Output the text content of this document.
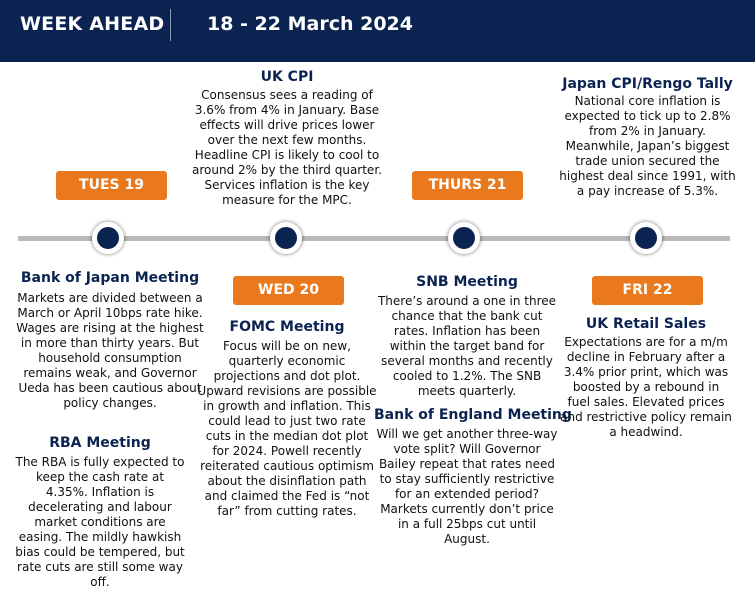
WEEK AHEAD 18 - 22 March 2024
TUES 19
WED 20
THURS 21
FRI 22
UK CPI
Consensus sees a reading of 3.6% from 4% in January. Base effects will drive prices lower over the next few months. Headline CPI is likely to cool to around 2% by the third quarter. Services inflation is the key measure for the MPC.
Japan CPI/Rengo Tally
National core inflation is expected to tick up to 2.8% from 2% in January. Meanwhile, Japan’s biggest trade union secured the highest deal since 1991, with a pay increase of 5.3%.
Bank of Japan Meeting
Markets are divided between a March or April 10bps rate hike. Wages are rising at the highest in more than thirty years. But household consumption remains weak, and Governor Ueda has been cautious about policy changes.
RBA Meeting
The RBA is fully expected to keep the cash rate at 4.35%. Inflation is decelerating and labour market conditions are easing. The mildly hawkish bias could be tempered, but rate cuts are still some way off.
FOMC Meeting
Focus will be on new, quarterly economic projections and dot plot. Upward revisions are possible in growth and inflation. This could lead to just two rate cuts in the median dot plot for 2024. Powell recently reiterated cautious optimism about the disinflation path and claimed the Fed is “not far” from cutting rates.
SNB Meeting
There’s around a one in three chance that the bank cut rates. Inflation has been within the target band for several months and recently cooled to 1.2%. The SNB meets quarterly.
Bank of England Meeting
Will we get another three-way vote split? Will Governor Bailey repeat that rates need to stay sufficiently restrictive for an extended period? Markets currently don’t price in a full 25bps cut until August.
UK Retail Sales
Expectations are for a m/m decline in February after a 3.4% prior print, which was boosted by a rebound in fuel sales. Elevated prices and restrictive policy remain a headwind.
